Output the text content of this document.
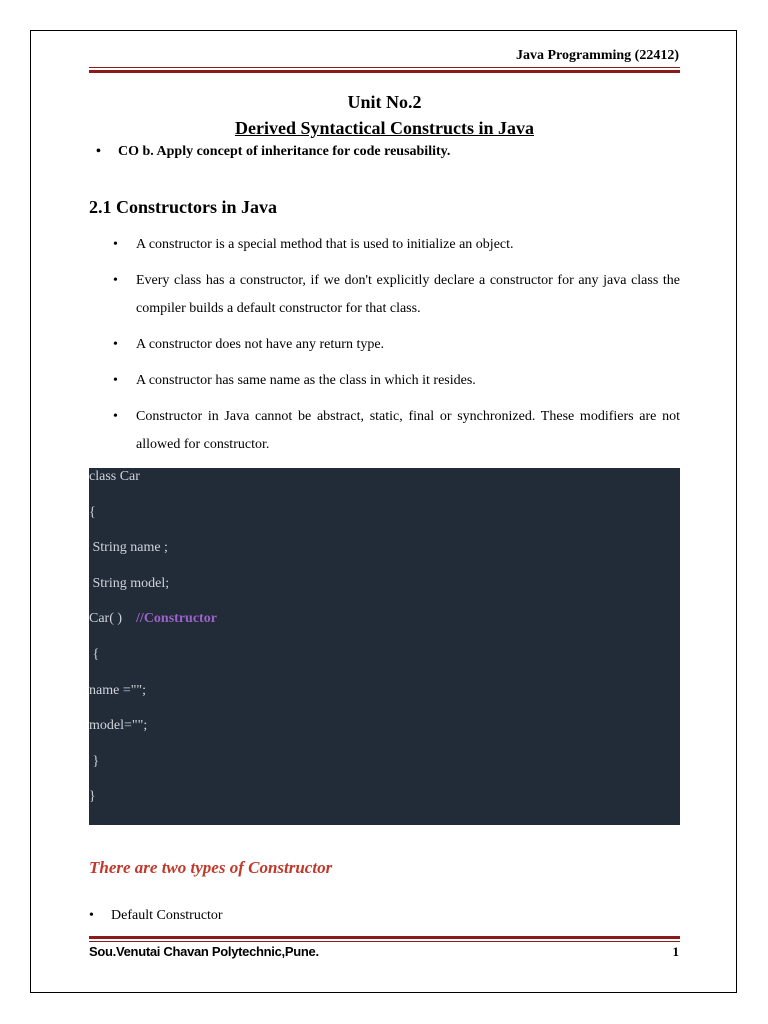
Java Programming (22412)
Unit No.2
Derived Syntactical Constructs in Java
• CO b. Apply concept of inheritance for code reusability.
2.1 Constructors in Java
• A constructor is a special method that is used to initialize an object.
• Every class has a constructor, if we don't explicitly declare a constructor for any java class the compiler builds a default constructor for that class.
• A constructor does not have any return type.
• A constructor has same name as the class in which it resides.
• Constructor in Java cannot be abstract, static, final or synchronized. These modifiers are not allowed for constructor.
class Car
{
String name ;
String model;
Car( )    //Constructor
{
name ="";
model="";
}
}
There are two types of Constructor
• Default Constructor
Sou.Venutai Chavan Polytechnic,Pune.	1
